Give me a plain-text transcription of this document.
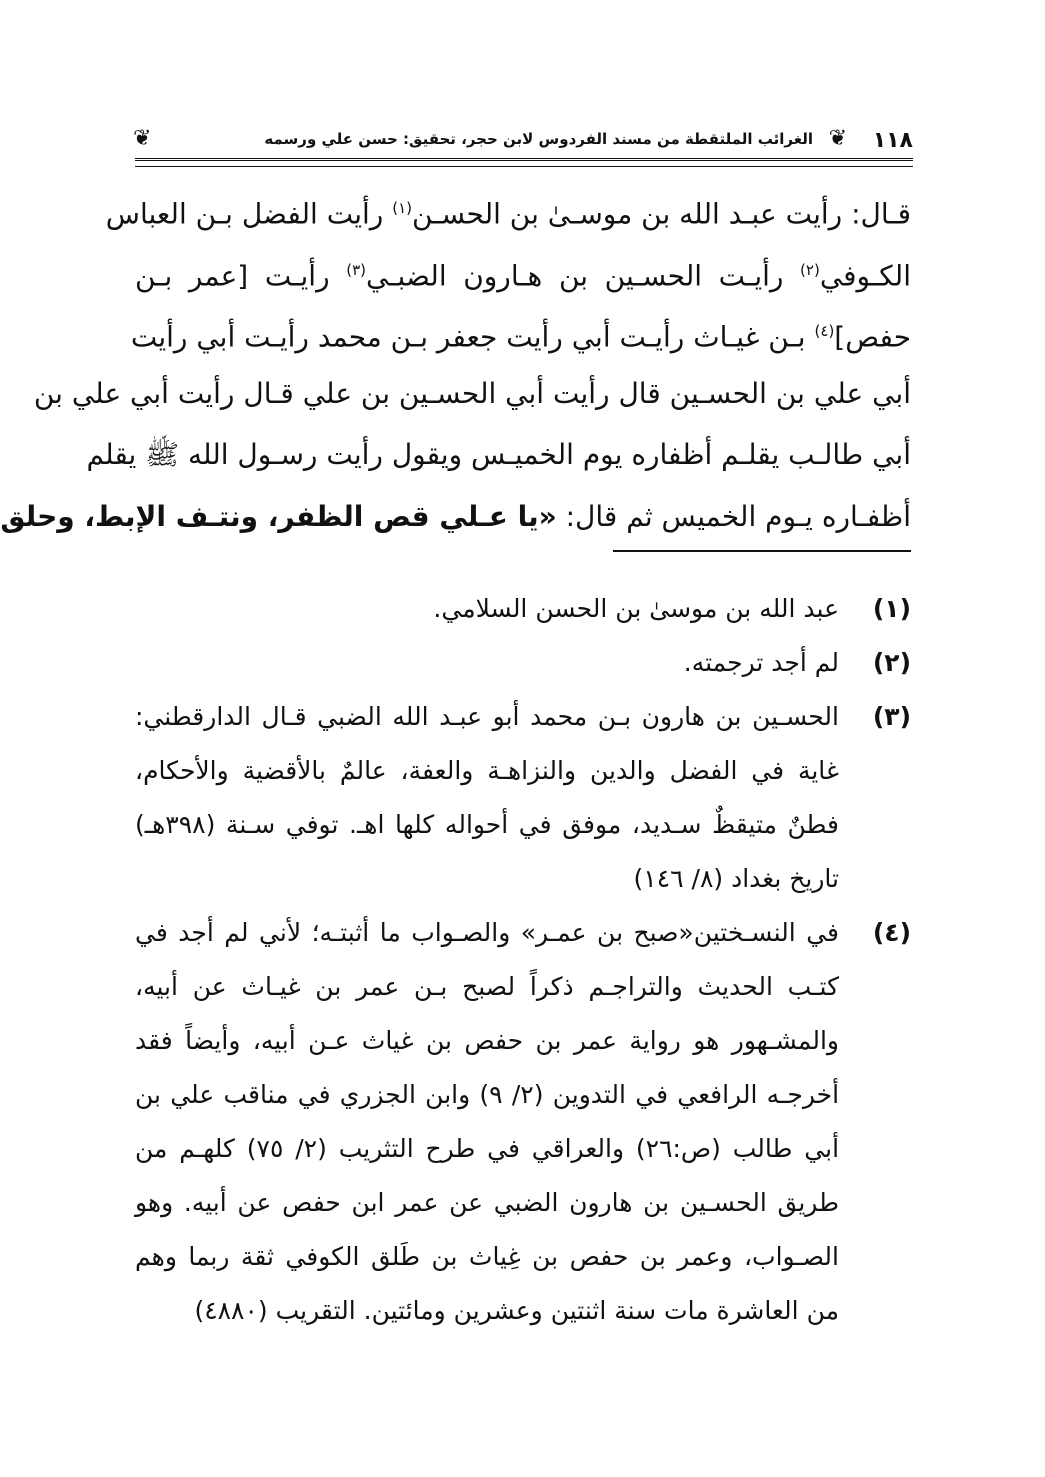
١١٨
❦
الغرائب الملتقطة من مسند الفردوس لابن حجر، تحقيق: حسن علي ورسمه
❦
قـال: رأيت عبـد الله بن موسـىٰ بن الحسـن$^{(١)}$ رأيت الفضل بـن العباس
الكـوفي$^{(٢)}$ رأيـت الحسـين بن هـارون الضبـي$^{(٣)}$ رأيـت [عمر بـن
حفص]$^{(٤)}$ بـن غيـاث رأيـت أبي رأيت جعفر بـن محمد رأيـت أبي رأيت
أبي علي بن الحسـين قال رأيت أبي الحسـين بن علي قـال رأيت أبي علي بن
أبي طالـب يقلـم أظفاره يوم الخميـس ويقول رأيت رسـول الله ﷺ يقلم
أظفـاره يـوم الخميس ثم قال: «يا عـلي قص الظفر، ونتـف الإبط، وحلق
(١)
عبد الله بن موسىٰ بن الحسن السلامي.
(٢)
لم أجد ترجمته.
(٣)
الحسـين بن هارون بـن محمد أبو عبـد الله الضبي قـال الدارقطني:
غاية في الفضل والدين والنزاهـة والعفة، عالمٌ بالأقضية والأحكام،
فطنٌ متيقظٌ سـديد، موفق في أحواله كلها اهـ. توفي سـنة (٣٩٨هـ)
تاريخ بغداد (٨/ ١٤٦)
(٤)
في النسـختين«صبح بن عمـر» والصـواب ما أثبتـه؛ لأني لم أجد في
كتـب الحديث والتراجـم ذكراً لصبح بـن عمر بن غيـاث عن أبيه،
والمشـهور هو رواية عمر بن حفص بن غياث عـن أبيه، وأيضاً فقد
أخرجـه الرافعي في التدوين (٢/ ٩) وابن الجزري في مناقب علي بن
أبي طالب (ص:٢٦) والعراقي في طرح التثريب (٢/ ٧٥) كلهـم من
طريق الحسـين بن هارون الضبي عن عمر ابن حفص عن أبيه. وهو
الصـواب، وعمر بن حفص بن غِياث بن طَلق الكوفي ثقة ربما وهم
من العاشرة مات سنة اثنتين وعشرين ومائتين. التقريب (٤٨٨٠)
